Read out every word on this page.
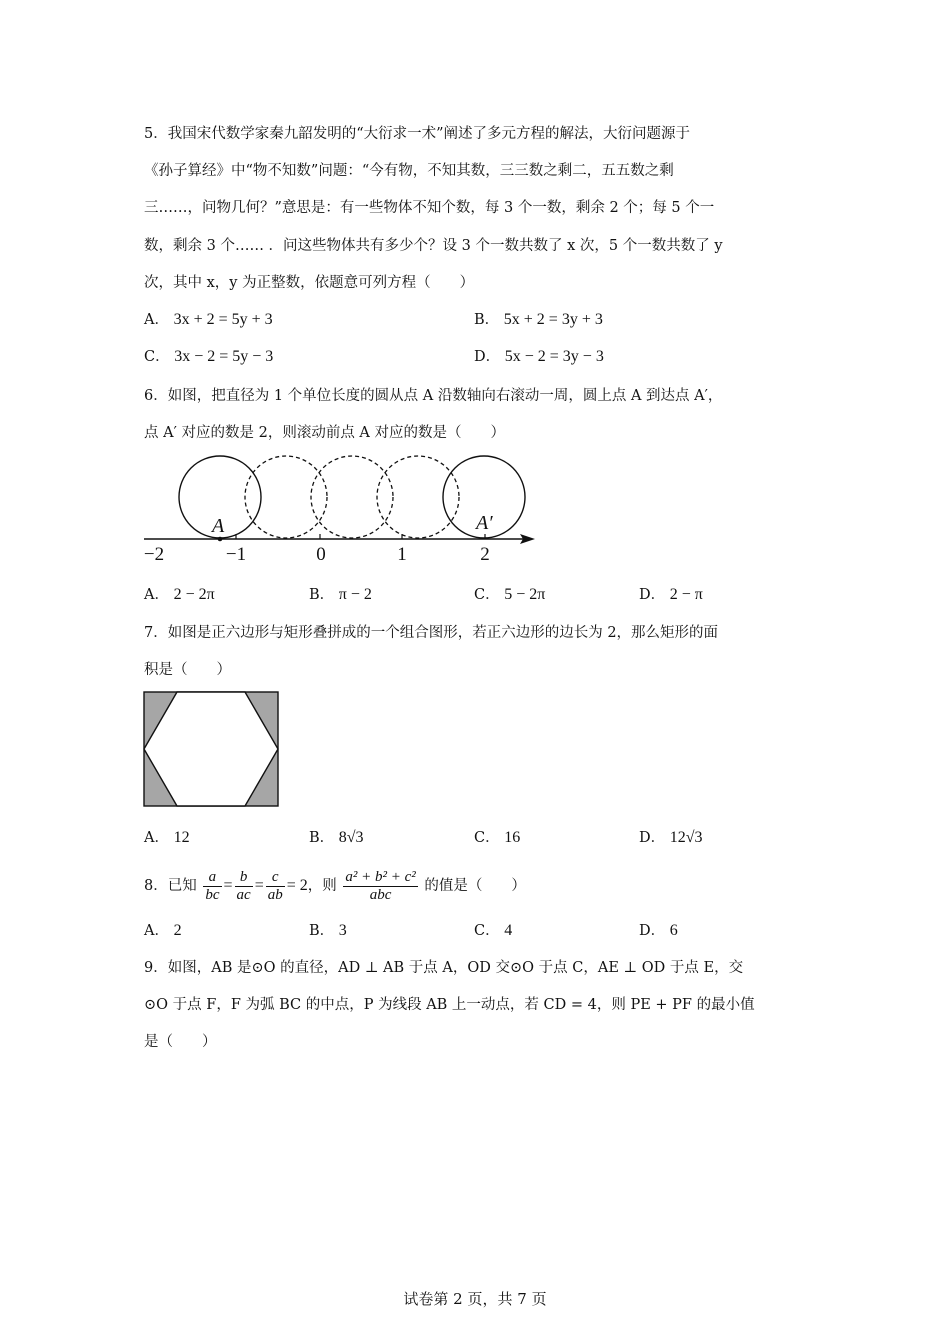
5．我国宋代数学家秦九韶发明的“大衍求一术”阐述了多元方程的解法，大衍问题源于
《孙子算经》中“物不知数”问题：“今有物，不知其数，三三数之剩二，五五数之剩
三……，问物几何？”意思是：有一些物体不知个数，每 3 个一数，剩余 2 个；每 5 个一
数，剩余 3 个…… ．问这些物体共有多少个？设 3 个一数共数了 x 次，5 个一数共数了 y
次，其中 x，y 为正整数，依题意可列方程（　　）
A． 3x + 2 = 5y + 3	B． 5x + 2 = 3y + 3
C． 3x − 2 = 5y − 3	D． 5x − 2 = 3y − 3
6．如图，把直径为 1 个单位长度的圆从点 A 沿数轴向右滚动一周，圆上点 A 到达点 A′，
点 A′ 对应的数是 2，则滚动前点 A 对应的数是（　　）
A	A′
−2	−1	0	1	2
A． 2 − 2π	B． π − 2	C． 5 − 2π	D． 2 − π
7．如图是正六边形与矩形叠拼成的一个组合图形，若正六边形的边长为 2，那么矩形的面
积是（　　）
A． 12	B． 8√3	C． 16	D． 12√3
8．已知 $\frac{a}{bc} = \frac{b}{ac} = \frac{c}{ab} = 2$，则 $\frac{\text{a² + b² + c²}}{\text{abc}}$ 的值是（　　）
A． 2	B． 3	C． 4	D． 6
9．如图，AB 是⊙O 的直径，AD ⊥ AB 于点 A，OD 交⊙O 于点 C，AE ⊥ OD 于点 E，交
⊙O 于点 F，F 为弧 BC 的中点，P 为线段 AB 上一动点，若 CD = 4，则 PE + PF 的最小值
是（　　）
试卷第 2 页，共 7 页
